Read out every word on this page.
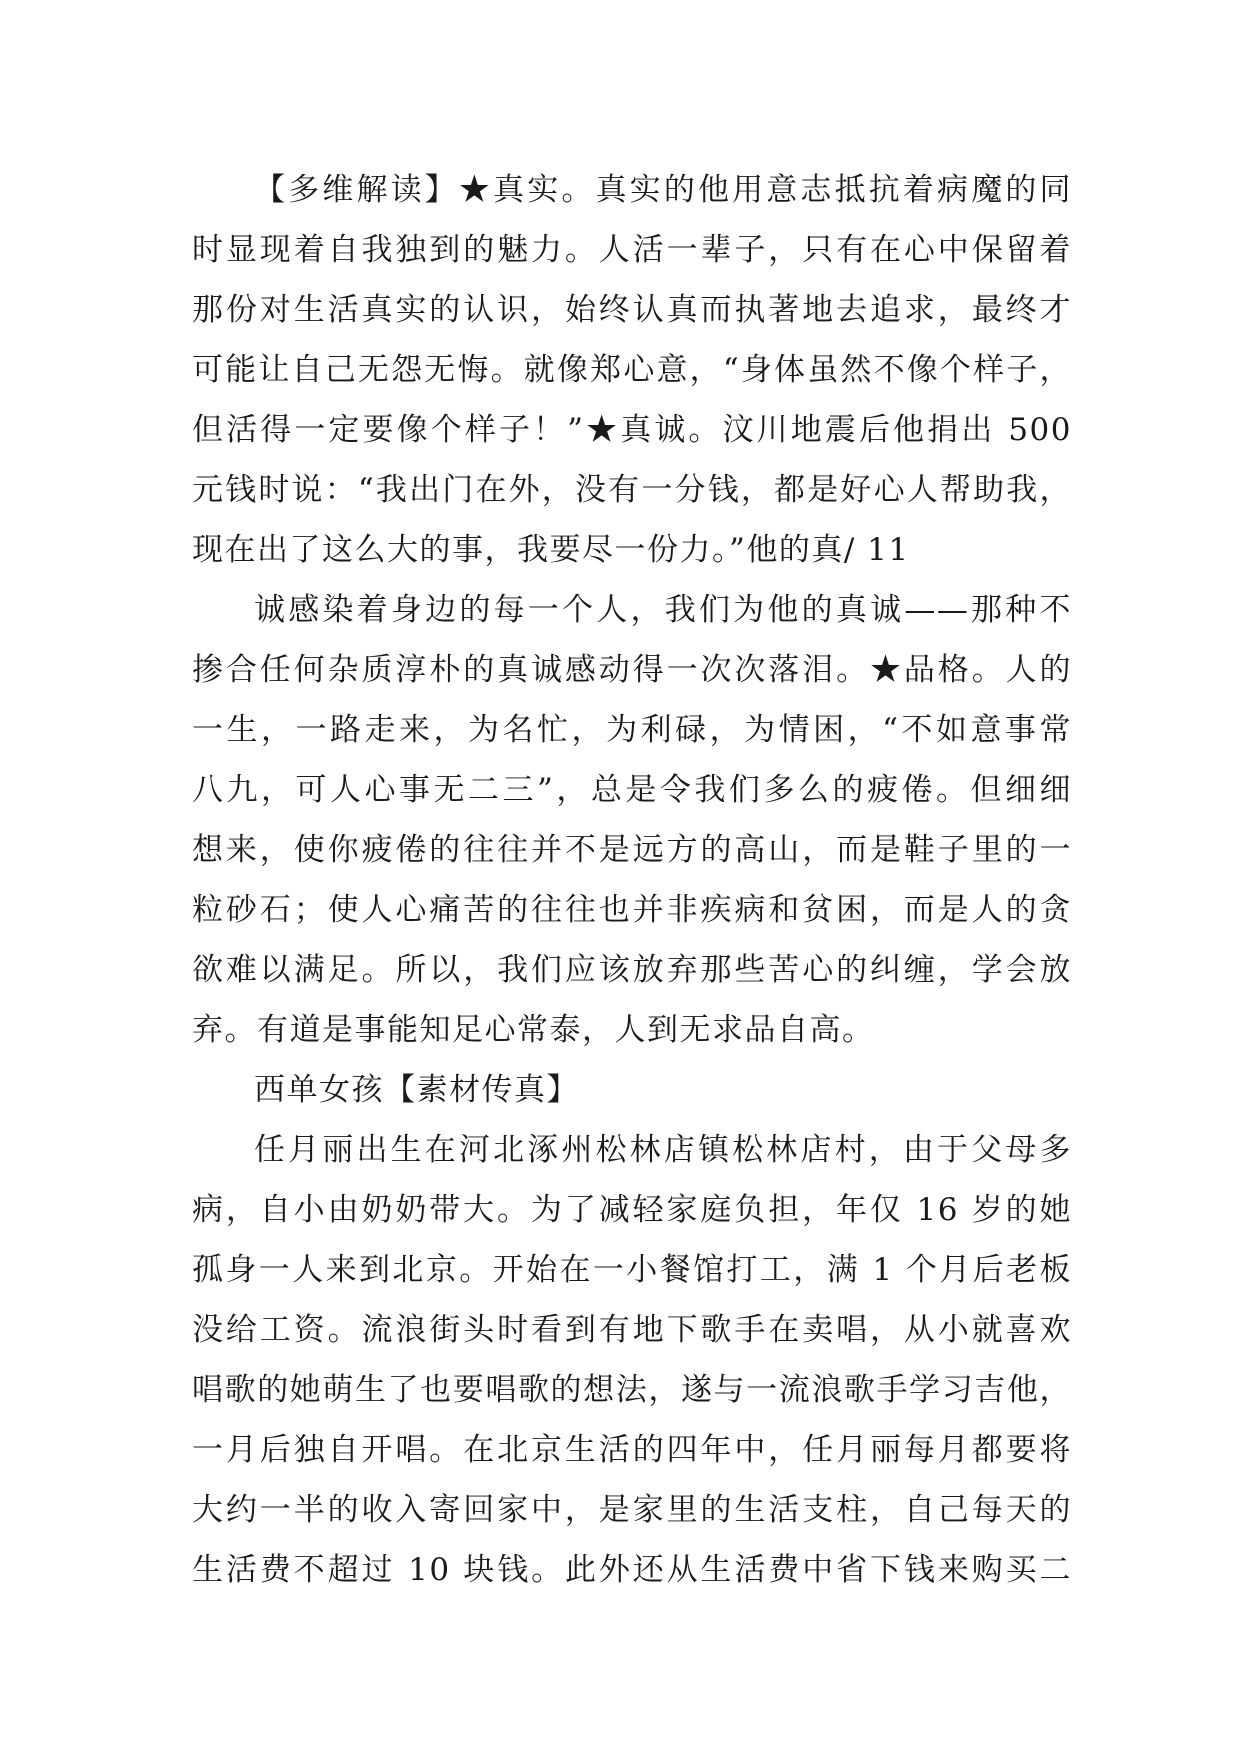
【多维解读】★真实。真实的他用意志抵抗着病魔的同
时显现着自我独到的魅力。人活一辈子，只有在心中保留着
那份对生活真实的认识，始终认真而执著地去追求，最终才
可能让自己无怨无悔。就像郑心意，“身体虽然不像个样子，
但活得一定要像个样子！”★真诚。汶川地震后他捐出 500
元钱时说：“我出门在外，没有一分钱，都是好心人帮助我，
现在出了这么大的事，我要尽一份力。”他的真/ 11
诚感染着身边的每一个人，我们为他的真诚——那种不
掺合任何杂质淳朴的真诚感动得一次次落泪。★品格。人的
一生，一路走来，为名忙，为利碌，为情困，“不如意事常
八九，可人心事无二三”，总是令我们多么的疲倦。但细细
想来，使你疲倦的往往并不是远方的高山，而是鞋子里的一
粒砂石；使人心痛苦的往往也并非疾病和贫困，而是人的贪
欲难以满足。所以，我们应该放弃那些苦心的纠缠，学会放
弃。有道是事能知足心常泰，人到无求品自高。
西单女孩【素材传真】
任月丽出生在河北涿州松林店镇松林店村，由于父母多
病，自小由奶奶带大。为了减轻家庭负担，年仅 16 岁的她
孤身一人来到北京。开始在一小餐馆打工，满 1 个月后老板
没给工资。流浪街头时看到有地下歌手在卖唱，从小就喜欢
唱歌的她萌生了也要唱歌的想法，遂与一流浪歌手学习吉他，
一月后独自开唱。在北京生活的四年中，任月丽每月都要将
大约一半的收入寄回家中，是家里的生活支柱，自己每天的
生活费不超过 10 块钱。此外还从生活费中省下钱来购买二
